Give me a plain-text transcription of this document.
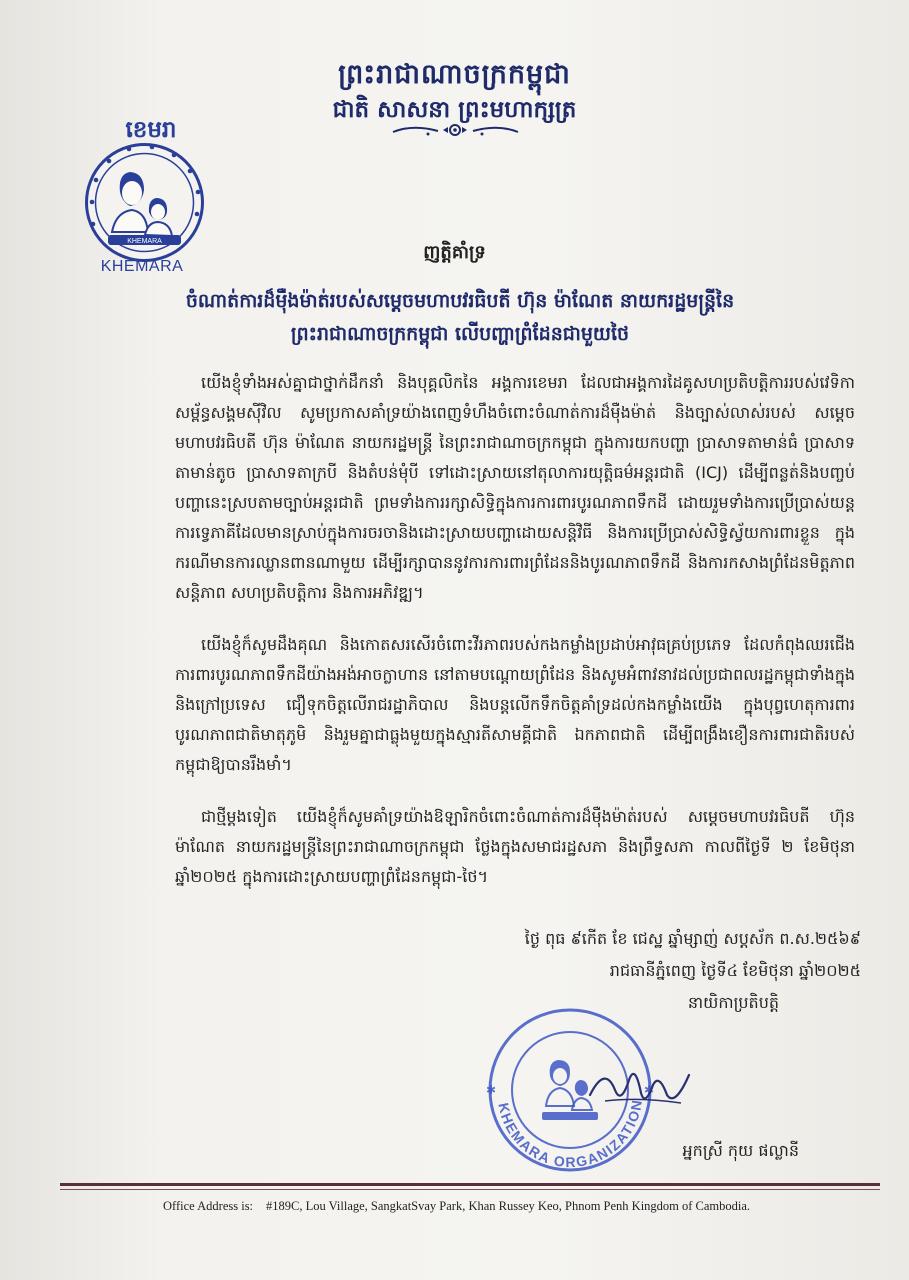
ព្រះរាជាណាចក្រកម្ពុជា
ជាតិ សាសនា ព្រះមហាក្សត្រ
ខេមរា
KHEMARA
KHEMARA
ញត្តិគាំទ្រ
ចំណាត់ការដ៏ម៉ឺងម៉ាត់របស់សម្តេចមហាបវរធិបតី ហ៊ុន ម៉ាណែត នាយករដ្ឋមន្ត្រីនៃព្រះរាជាណាចក្រកម្ពុជា លើបញ្ហាព្រំដែនជាមួយថៃ

យើងខ្ញុំទាំងអស់គ្នាជាថ្នាក់ដឹកនាំ និងបុគ្គលិកនៃ អង្គការខេមរា ដែលជាអង្គការដៃគូសហប្រតិបត្តិការរបស់វេទិកាសម្ព័ន្ធសង្គមស៊ីវិល សូមប្រកាសគាំទ្រយ៉ាងពេញទំហឹងចំពោះចំណាត់ការដ៏ម៉ឺងម៉ាត់ និងច្បាស់លាស់របស់ សម្តេចមហាបវរធិបតី ហ៊ុន ម៉ាណែត នាយករដ្ឋមន្ត្រី នៃព្រះរាជាណាចក្រកម្ពុជា ក្នុងការយកបញ្ហា ប្រាសាទតាមាន់ធំ ប្រាសាទតាមាន់តូច ប្រាសាទតាក្របី និងតំបន់មុំបី ទៅដោះស្រាយនៅតុលាការយុត្តិធម៌អន្តរជាតិ (ICJ) ដើម្បីពន្លត់និងបញ្ចប់បញ្ហានេះស្របតាមច្បាប់អន្តរជាតិ ព្រមទាំងការរក្សាសិទ្ធិក្នុងការការពារបូរណភាពទឹកដី ដោយរួមទាំងការប្រើប្រាស់យន្តការទ្វេភាគីដែលមានស្រាប់ក្នុងការចរចានិងដោះស្រាយបញ្ហាដោយសន្តិវិធី និងការប្រើប្រាស់សិទ្ធិស្វ័យការពារខ្លួន ក្នុងករណីមានការឈ្លានពានណាមួយ ដើម្បីរក្សាបាននូវការការពារព្រំដែននិងបូរណភាពទឹកដី និងការកសាងព្រំដែនមិត្តភាព សន្តិភាព សហប្រតិបត្តិការ និងការអភិវឌ្ឍ។

យើងខ្ញុំក៏សូមដឹងគុណ និងកោតសរសើរចំពោះវីរភាពរបស់កងកម្លាំងប្រដាប់អាវុធគ្រប់ប្រភេទ ដែលកំពុងឈរជើងការពារបូរណភាពទឹកដីយ៉ាងអង់អាចក្លាហាន នៅតាមបណ្តោយព្រំដែន និងសូមអំពាវនាវដល់ប្រជាពលរដ្ឋកម្ពុជាទាំងក្នុងនិងក្រៅប្រទេស ជឿទុកចិត្តលើរាជរដ្ឋាភិបាល និងបន្តលើកទឹកចិត្តគាំទ្រដល់កងកម្លាំងយើង ក្នុងបុព្វហេតុការពារបូរណភាពជាតិមាតុភូមិ និងរួមគ្នាជាធ្លុងមួយក្នុងស្មារតីសាមគ្គីជាតិ ឯកភាពជាតិ ដើម្បីពង្រឹងខឿនការពារជាតិរបស់កម្ពុជាឱ្យបានរឹងមាំ។

ជាថ្មីម្តងទៀត យើងខ្ញុំក៏សូមគាំទ្រយ៉ាងឱឡារិកចំពោះចំណាត់ការដ៏ម៉ឺងម៉ាត់របស់ សម្តេចមហាបវរធិបតី ហ៊ុន ម៉ាណែត នាយករដ្ឋមន្ត្រីនៃព្រះរាជាណាចក្រកម្ពុជា ថ្លែងក្នុងសមាជរដ្ឋសភា និងព្រឹទ្ធសភា កាលពីថ្ងៃទី ២ ខែមិថុនា ឆ្នាំ២០២៥ ក្នុងការដោះស្រាយបញ្ហាព្រំដែនកម្ពុជា-ថៃ។

ថ្ងៃ ពុធ ៩កើត ខែ ជេស្ឋ ឆ្នាំម្សាញ់ សប្តស័ក ព.ស.២៥៦៩
រាជធានីភ្នំពេញ ថ្ងៃទី៤ ខែមិថុនា ឆ្នាំ២០២៥
នាយិកាប្រតិបត្តិ
✱	✱
KHEMARA ORGANIZATION
អ្នកស្រី កុយ ផល្លានី
Office Address is: #189C, Lou Village, SangkatSvay Park, Khan Russey Keo, Phnom Penh Kingdom of Cambodia.
